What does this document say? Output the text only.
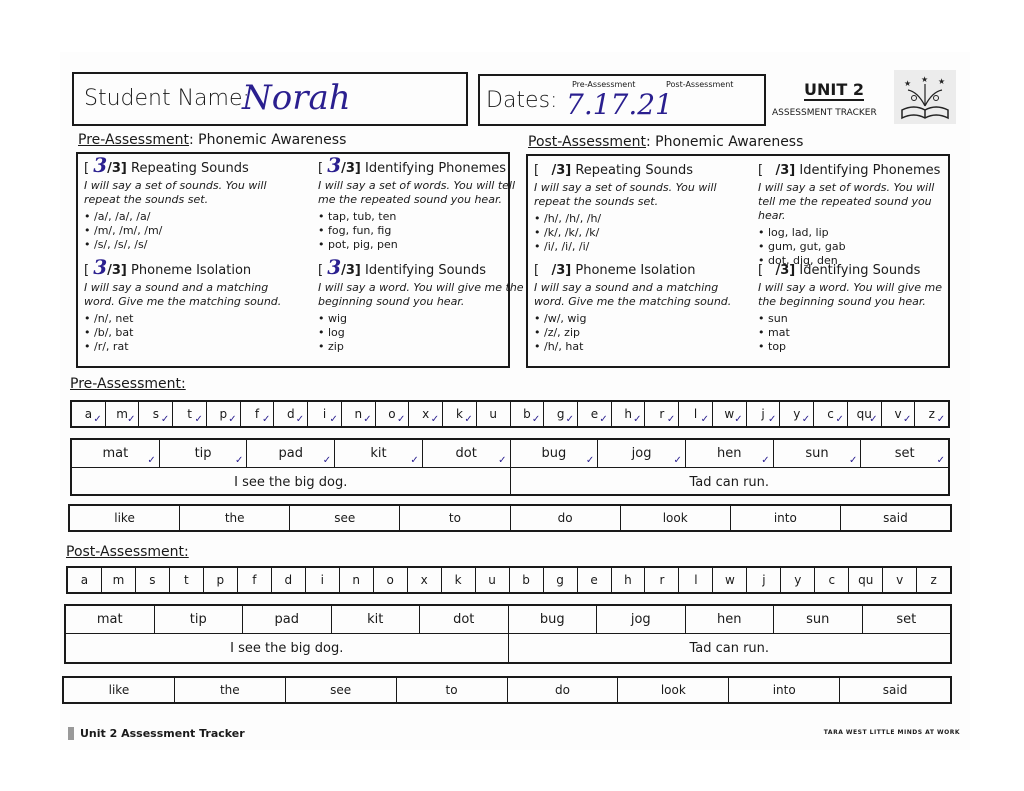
Student Name:
Norah	Dates:
Pre-Assessment	Post-Assessment
7.17.21	UNIT 2
ASSESSMENT TRACKER
★	★
★
Pre-Assessment: Phonemic Awareness	Post-Assessment: Phonemic Awareness
[ 3/3] Repeating Sounds
I will say a set of sounds. You will repeat the sounds set.
• /a/, /a/, /a/
• /m/, /m/, /m/
• /s/, /s/, /s/
[ 3/3] Identifying Phonemes
I will say a set of words. You will tell me the repeated sound you hear.
• tap, tub, ten
• fog, fun, fig
• pot, pig, pen
[ 3/3] Phoneme Isolation
I will say a sound and a matching word. Give me the matching sound.
• /n/, net
• /b/, bat
• /r/, rat
[ 3/3] Identifying Sounds
I will say a word. You will give me the beginning sound you hear.
• wig
• log
• zip
[   /3] Repeating Sounds
I will say a set of sounds. You will repeat the sounds set.
• /h/, /h/, /h/
• /k/, /k/, /k/
• /i/, /i/, /i/
[   /3] Identifying Phonemes
I will say a set of words. You will tell me the repeated sound you hear.
• log, lad, lip
• gum, gut, gab
• dot, dig, den
[   /3] Phoneme Isolation
I will say a sound and a matching word. Give me the matching sound.
• /w/, wig
• /z/, zip
• /h/, hat
[   /3] Identifying Sounds
I will say a word. You will give me the beginning sound you hear.
• sun
• mat
• top
Pre-Assessment:
a ✓ m ✓ s ✓ t ✓ p ✓ f ✓ d ✓ i ✓ n ✓ o ✓ x ✓ k ✓ u b ✓ g ✓ e ✓ h ✓ r ✓ l ✓ w ✓ j ✓ y ✓ c ✓ qu
✓ v ✓ z ✓
mat ✓	tip ✓	pad ✓	kit ✓	dot ✓	bug ✓	jog ✓	hen ✓	sun ✓	set ✓
I see the big dog.	Tad can run.
like	the	see	to	do	look	into	said
Post-Assessment:
a m s t p f d i n o x k u b g e h r l w j y c qu v z
mat	tip	pad	kit	dot	bug	jog	hen	sun	set
I see the big dog.	Tad can run.
like	the	see	to	do	look	into	said
Unit 2 Assessment Tracker	TARA WEST LITTLE MINDS AT WORK
